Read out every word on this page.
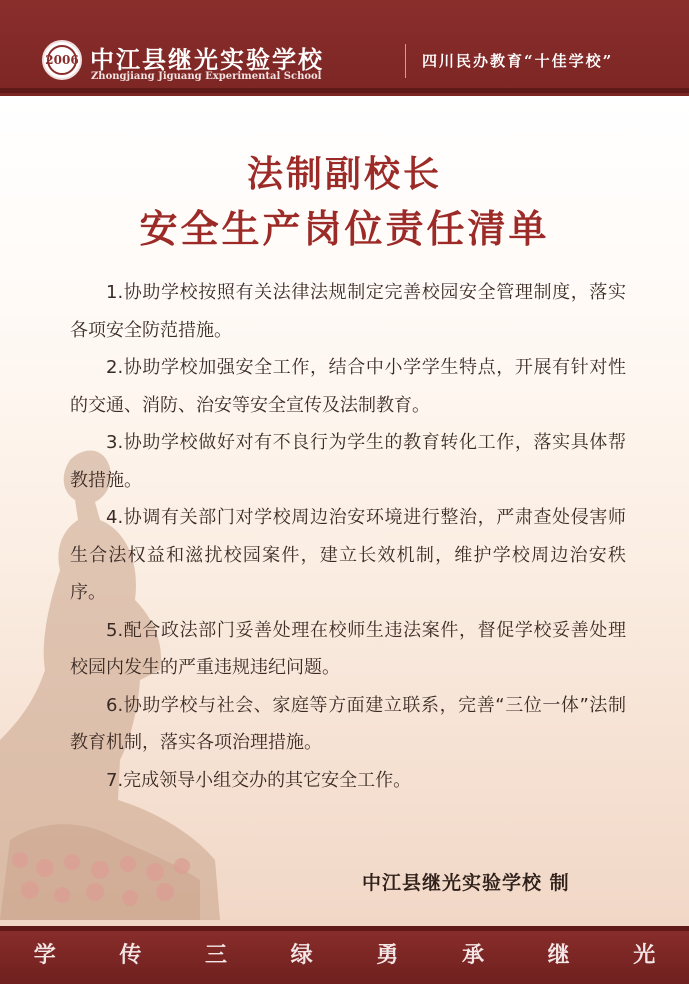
2006 中江县继光实验学校
Zhongjiang Jiguang Experimental School
四川民办教育“十佳学校”
法制副校长
安全生产岗位责任清单

1.协助学校按照有关法律法规制定完善校园安全管理制度，落实各项安全防范措施。

2.协助学校加强安全工作，结合中小学学生特点，开展有针对性的交通、消防、治安等安全宣传及法制教育。

3.协助学校做好对有不良行为学生的教育转化工作，落实具体帮教措施。

4.协调有关部门对学校周边治安环境进行整治，严肃查处侵害师生合法权益和滋扰校园案件，建立长效机制，维护学校周边治安秩序。

5.配合政法部门妥善处理在校师生违法案件，督促学校妥善处理校园内发生的严重违规违纪问题。

6.协助学校与社会、家庭等方面建立联系，完善“三位一体”法制教育机制，落实各项治理措施。

7.完成领导小组交办的其它安全工作。

中江县继光实验学校 制
学 传 三 绿 勇 承 继 光
